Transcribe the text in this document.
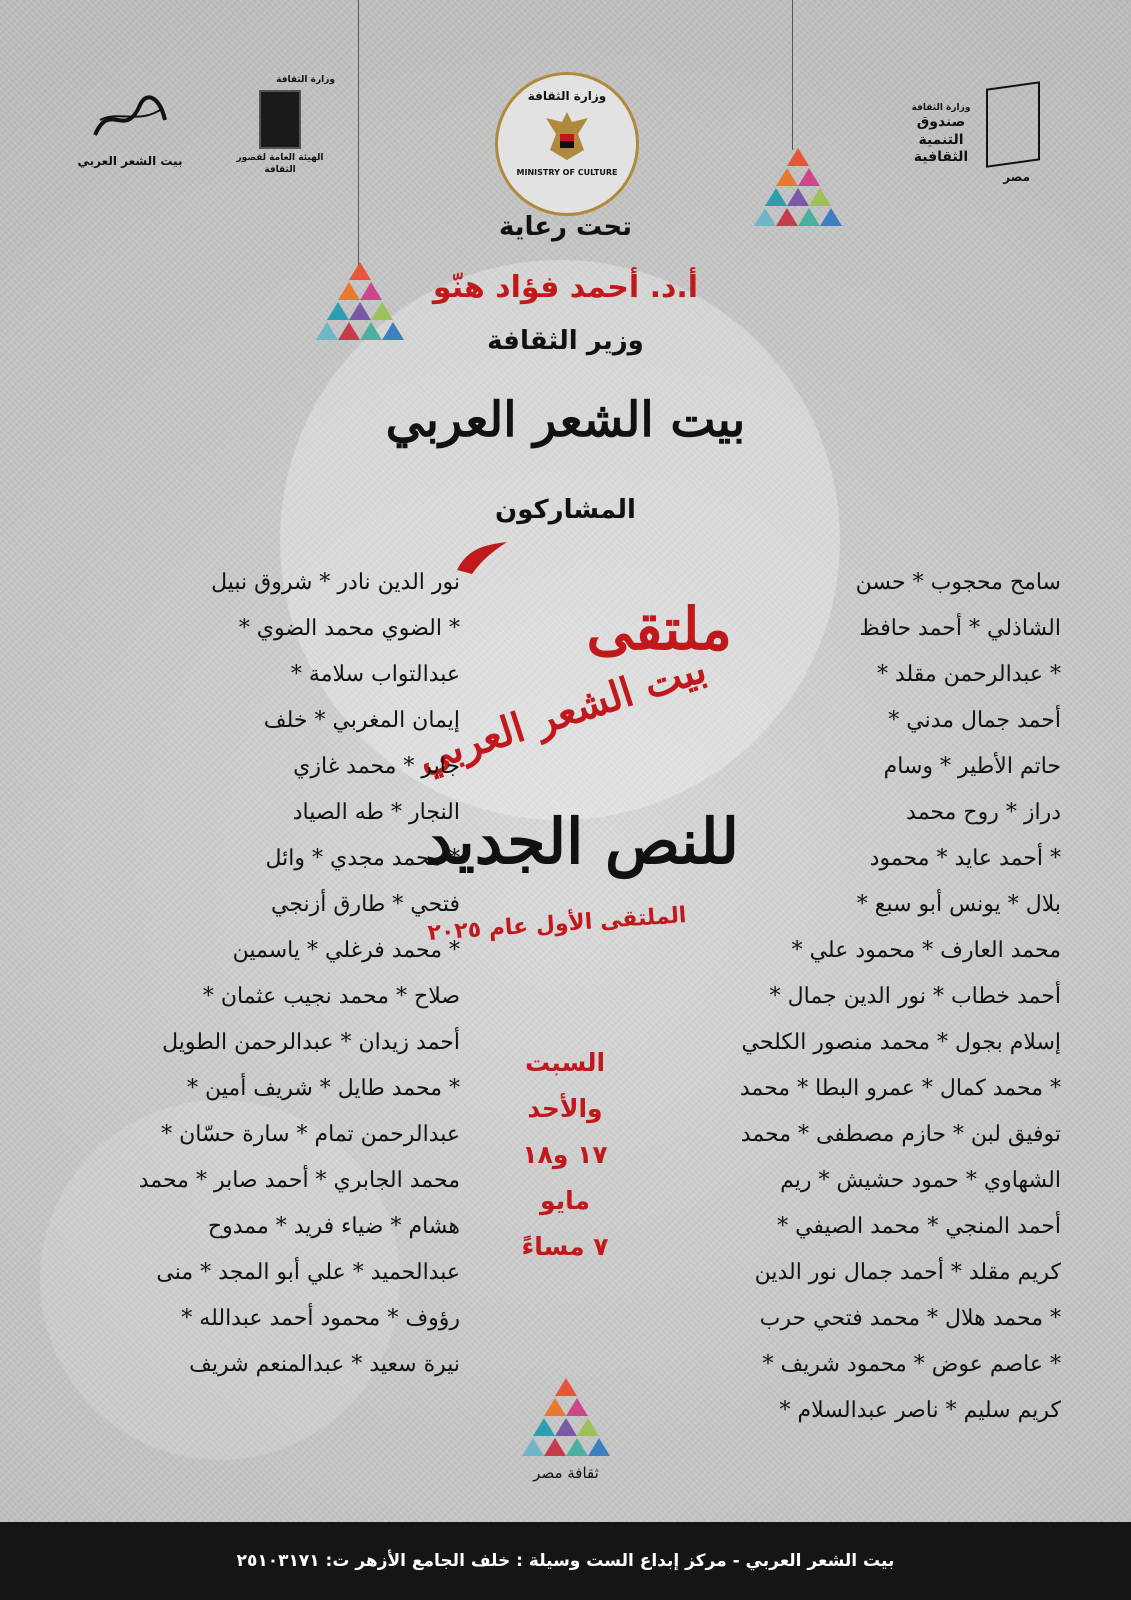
بيت الشعر العربي
وزارة الثقافة
الهيئة العامة لقصور الثقافة
وزارة الثقافة
MINISTRY OF CULTURE
وزارة الثقافة
صندوق التنمية الثقافية
مصر
تحت رعاية
أ.د. أحمد فؤاد هنّو
وزير الثقافة
بيت الشعر العربي
المشاركون
ملتقى
بيت الشعر العربي
للنص الجديد
الملتقى الأول عام ٢٠٢٥

سامح محجوب * حسن

الشاذلي * أحمد حافظ

* عبدالرحمن مقلد *

أحمد جمال مدني *

حاتم الأطير * وسام

دراز * روح محمد

* أحمد عايد * محمود

بلال * يونس أبو سبع *

محمد العارف * محمود علي *

أحمد خطاب * نور الدين جمال *

إسلام بجول * محمد منصور الكلحي

* محمد كمال * عمرو البطا * محمد

توفيق لبن * حازم مصطفى * محمد

الشهاوي * حمود حشيش * ريم

أحمد المنجي * محمد الصيفي *

كريم مقلد * أحمد جمال نور الدين

* محمد هلال * محمد فتحي حرب

* عاصم عوض * محمود شريف *

كريم سليم * ناصر عبدالسلام *

نور الدين نادر * شروق نبيل

* الضوي محمد الضوي *

عبدالتواب سلامة *

إيمان المغربي * خلف

جابر * محمد غازي

النجار * طه الصياد

* محمد مجدي * وائل

فتحي * طارق أزنجي

* محمد فرغلي * ياسمين

صلاح * محمد نجيب عثمان *

أحمد زيدان * عبدالرحمن الطويل

* محمد طايل * شريف أمين *

عبدالرحمن تمام * سارة حسّان *

محمد الجابري * أحمد صابر * محمد

هشام * ضياء فريد * ممدوح

عبدالحميد * علي أبو المجد * منى

رؤوف * محمود أحمد عبدالله *

نيرة سعيد * عبدالمنعم شريف

السبت
والأحد
١٧ و١٨
مايو
٧ مساءً
ثقافة مصر
بيت الشعر العربي - مركز إبداع الست وسيلة : خلف الجامع الأزهر ت: ٢٥١٠٣١٧١
